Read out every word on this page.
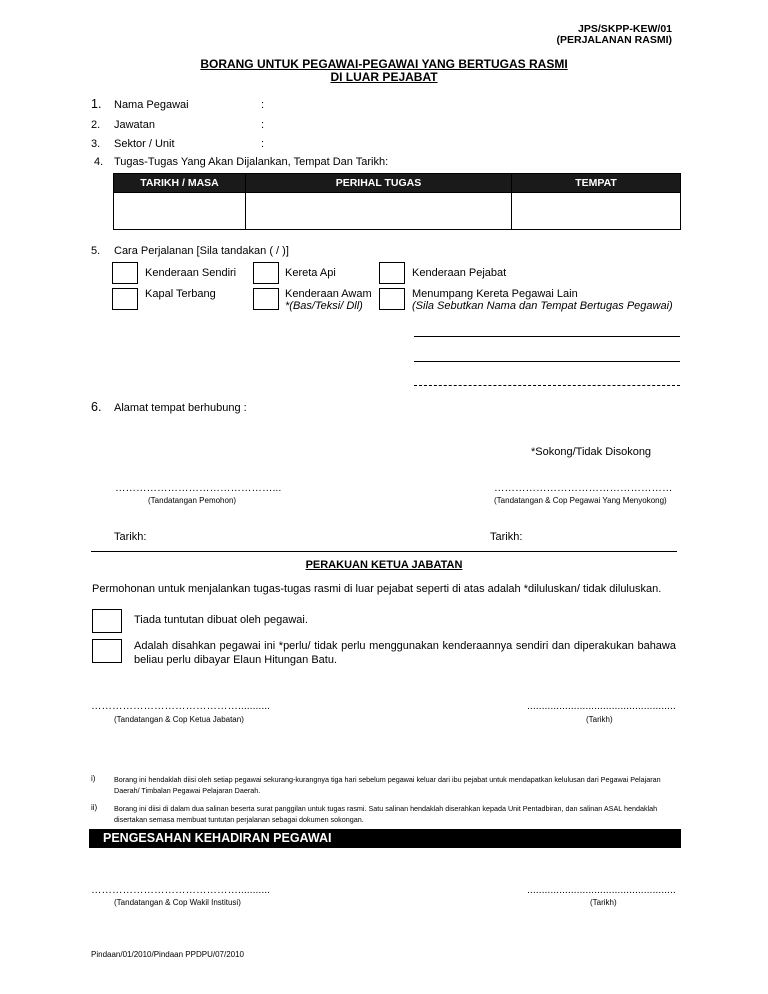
JPS/SKPP-KEW/01
(PERJALANAN RASMI)
BORANG UNTUK PEGAWAI-PEGAWAI YANG BERTUGAS RASMI
DI LUAR PEJABAT
1. Nama Pegawai	:
2. Jawatan	:
3. Sektor / Unit	:
4. Tugas-Tugas Yang Akan Dijalankan, Tempat Dan Tarikh:
TARIKH / MASA	PERIHAL TUGAS	TEMPAT

5. Cara Perjalanan [Sila tandakan ( / )]
Kenderaan Sendiri	Kereta Api	Kenderaan Pejabat
Kapal Terbang	Kenderaan Awam
*(Bas/Teksi/ Dll)
Menumpang Kereta Pegawai Lain
(Sila Sebutkan Nama dan Tempat Bertugas Pegawai)
6. Alamat tempat berhubung :
*Sokong/Tidak Disokong
………………………………………...	……………………………………………
(Tandatangan Pemohon)	(Tandatangan & Cop Pegawai Yang Menyokong)
Tarikh:	Tarikh:
PERAKUAN KETUA JABATAN
Permohonan untuk menjalankan tugas-tugas rasmi di luar pejabat seperti di atas adalah *diluluskan/ tidak diluluskan.
Tiada tuntutan dibuat oleh pegawai.
Adalah disahkan pegawai ini *perlu/ tidak perlu menggunakan kenderaannya sendiri dan diperakukan bahawa beliau perlu dibayar Elaun Hitungan Batu.
……………………………………...........	...................................................
(Tandatangan & Cop Ketua Jabatan)	(Tarikh)
i)	Borang ini hendaklah diisi oleh setiap pegawai sekurang-kurangnya tiga hari sebelum pegawai keluar dari ibu pejabat untuk mendapatkan kelulusan dari Pegawai Pelajaran Daerah/ Timbalan Pegawai Pelajaran Daerah.
ii) Borang ini diisi di dalam dua salinan beserta surat panggilan untuk tugas rasmi. Satu salinan hendaklah diserahkan kepada Unit Pentadbiran, dan salinan ASAL hendaklah disertakan semasa membuat tuntutan perjalanan sebagai dokumen sokongan.
PENGESAHAN KEHADIRAN PEGAWAI
……………………………………...........	...................................................
(Tandatangan & Cop Wakil Institusi)	(Tarikh)
Pindaan/01/2010/Pindaan PPDPU/07/2010
